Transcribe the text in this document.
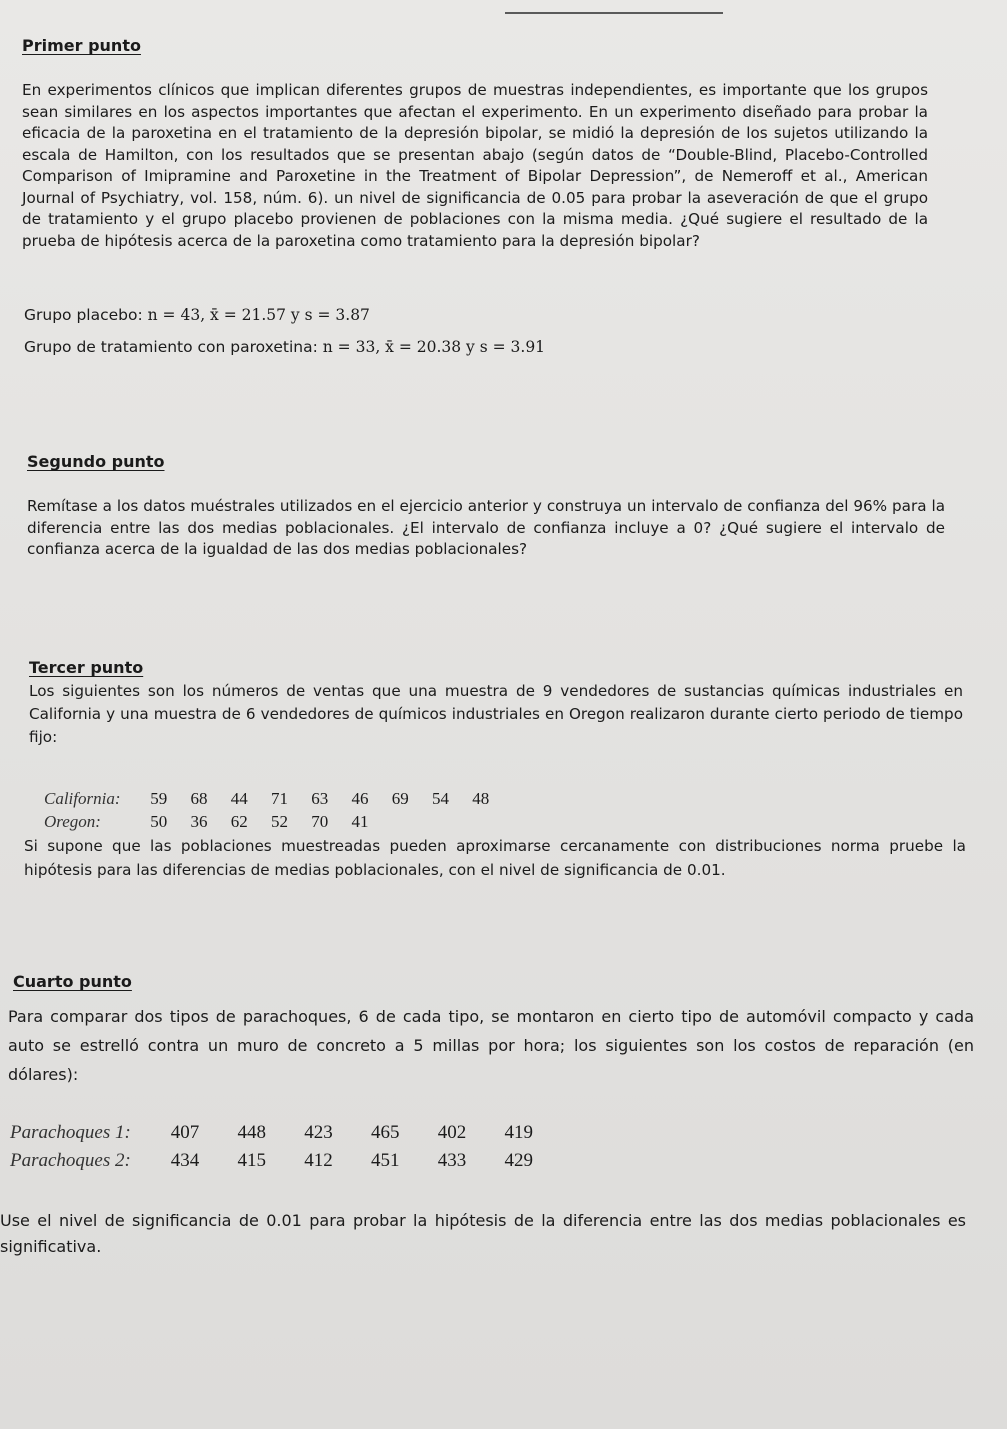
Primer punto
En experimentos clínicos que implican diferentes grupos de muestras independientes, es importante que los grupos sean similares en los aspectos importantes que afectan el experimento. En un experimento diseñado para probar la eficacia de la paroxetina en el tratamiento de la depresión bipolar, se midió la depresión de los sujetos utilizando la escala de Hamilton, con los resultados que se presentan abajo (según datos de “Double-Blind, Placebo-Controlled Comparison of Imipramine and Paroxetine in the Treatment of Bipolar Depression”, de Nemeroff et al., American Journal of Psychiatry, vol. 158, núm. 6). un nivel de significancia de 0.05 para probar la aseveración de que el grupo de tratamiento y el grupo placebo provienen de poblaciones con la misma media. ¿Qué sugiere el resultado de la prueba de hipótesis acerca de la paroxetina como tratamiento para la depresión bipolar?
Grupo placebo: n = 43, x̄ = 21.57 y s = 3.87
Grupo de tratamiento con paroxetina: n = 33, x̄ = 20.38 y s = 3.91
Segundo punto
Remítase a los datos muéstrales utilizados en el ejercicio anterior y construya un intervalo de confianza del 96% para la diferencia entre las dos medias poblacionales. ¿El intervalo de confianza incluye a 0? ¿Qué sugiere el intervalo de confianza acerca de la igualdad de las dos medias poblacionales?
Tercer punto
Los siguientes son los números de ventas que una muestra de 9 vendedores de sustancias químicas industriales en California y una muestra de 6 vendedores de químicos industriales en Oregon realizaron durante cierto periodo de tiempo fijo:
California: 59 68 44 71 63 46 69 54 48
Oregon:	50 36 62 52 70 41
Si supone que las poblaciones muestreadas pueden aproximarse cercanamente con distribuciones norma pruebe la hipótesis para las diferencias de medias poblacionales, con el nivel de significancia de 0.01.
Cuarto punto
Para comparar dos tipos de parachoques, 6 de cada tipo, se montaron en cierto tipo de automóvil compacto y cada auto se estrelló contra un muro de concreto a 5 millas por hora; los siguientes son los costos de reparación (en dólares):
Parachoques 1: 407 448 423 465 402 419
Parachoques 2: 434 415 412 451 433 429
Use el nivel de significancia de 0.01 para probar la hipótesis de la diferencia entre las dos medias poblacionales es significativa.
